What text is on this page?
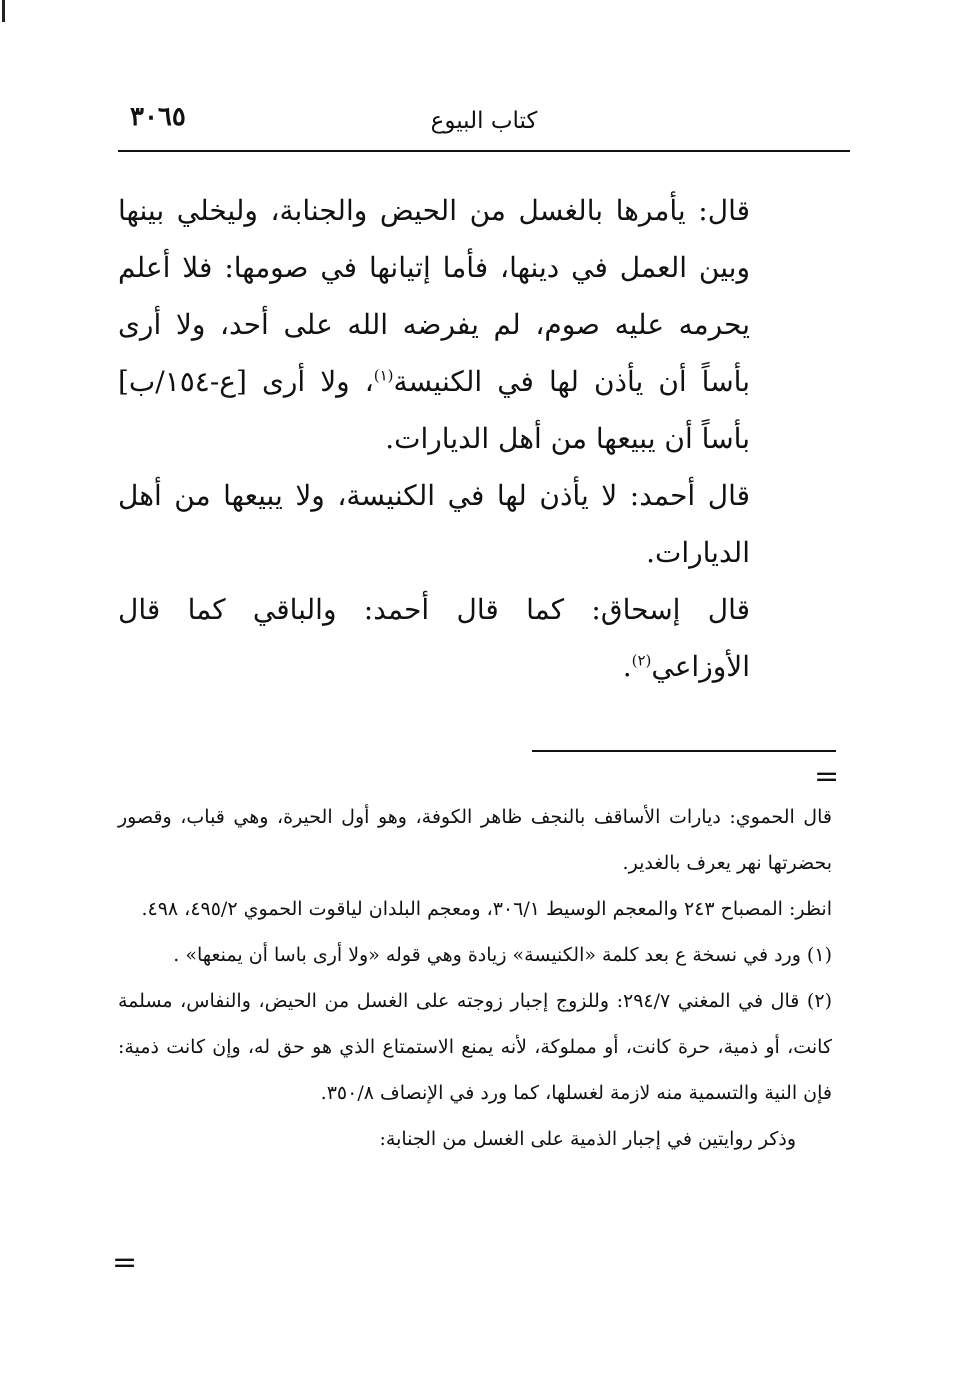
كتاب البيوع
٣٠٦٥

قال: يأمرها بالغسل من الحيض والجنابة، وليخلي بينها وبين العمل في دينها، فأما إتيانها في صومها: فلا أعلم يحرمه عليه صوم، لم يفرضه الله على أحد، ولا أرى بأساً أن يأذن لها في الكنيسة$^{(١)}$، ولا أرى [ع-١٥٤/ب] بأساً أن يبيعها من أهل الديارات.

قال أحمد: لا يأذن لها في الكنيسة، ولا يبيعها من أهل الديارات.

قال إسحاق: كما قال أحمد: والباقي كما قال الأوزاعي$^{(٢)}$.

=

قال الحموي: ديارات الأساقف بالنجف ظاهر الكوفة، وهو أول الحيرة، وهي قباب، وقصور بحضرتها نهر يعرف بالغدير.

انظر: المصباح ٢٤٣ والمعجم الوسيط ٣٠٦/١، ومعجم البلدان لياقوت الحموي ٤٩٥/٢، ٤٩٨.

(١) ورد في نسخة ع بعد كلمة «الكنيسة» زيادة وهي قوله «ولا أرى باسا أن يمنعها» .

(٢) قال في المغني ٢٩٤/٧: وللزوج إجبار زوجته على الغسل من الحيض، والنفاس، مسلمة كانت، أو ذمية، حرة كانت، أو مملوكة، لأنه يمنع الاستمتاع الذي هو حق له، وإن كانت ذمية: فإن النية والتسمية منه لازمة لغسلها، كما ورد في الإنصاف ٣٥٠/٨.

وذكر روايتين في إجبار الذمية على الغسل من الجنابة:

=
